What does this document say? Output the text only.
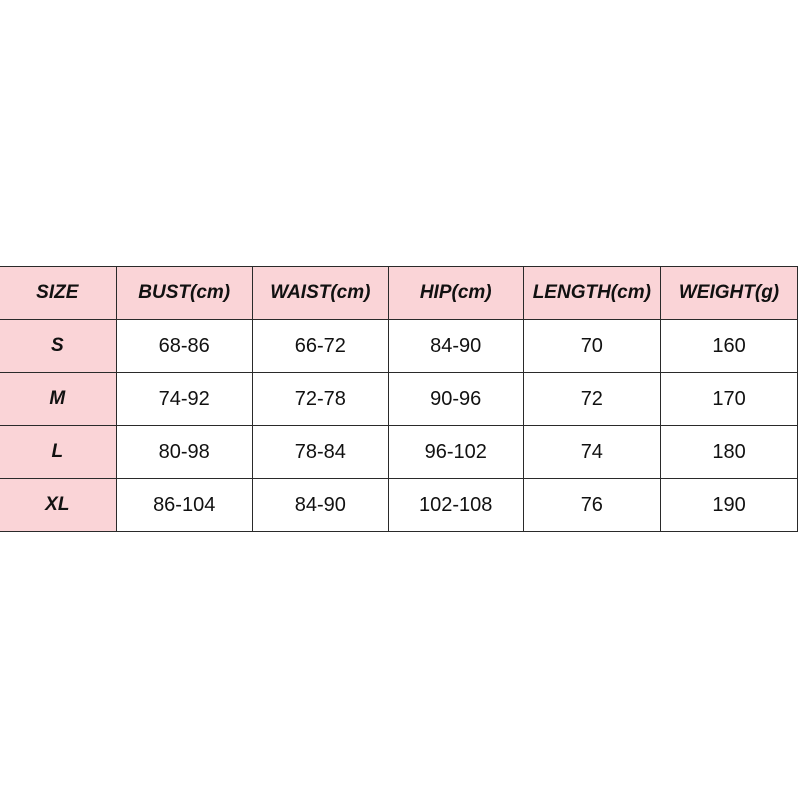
SIZE	BUST(cm)	WAIST(cm)	HIP(cm)	LENGTH(cm)	WEIGHT(g)
S	68-86	66-72	84-90	70	160
M	74-92	72-78	90-96	72	170
L	80-98	78-84	96-102	74	180
XL	86-104	84-90	102-108	76	190
